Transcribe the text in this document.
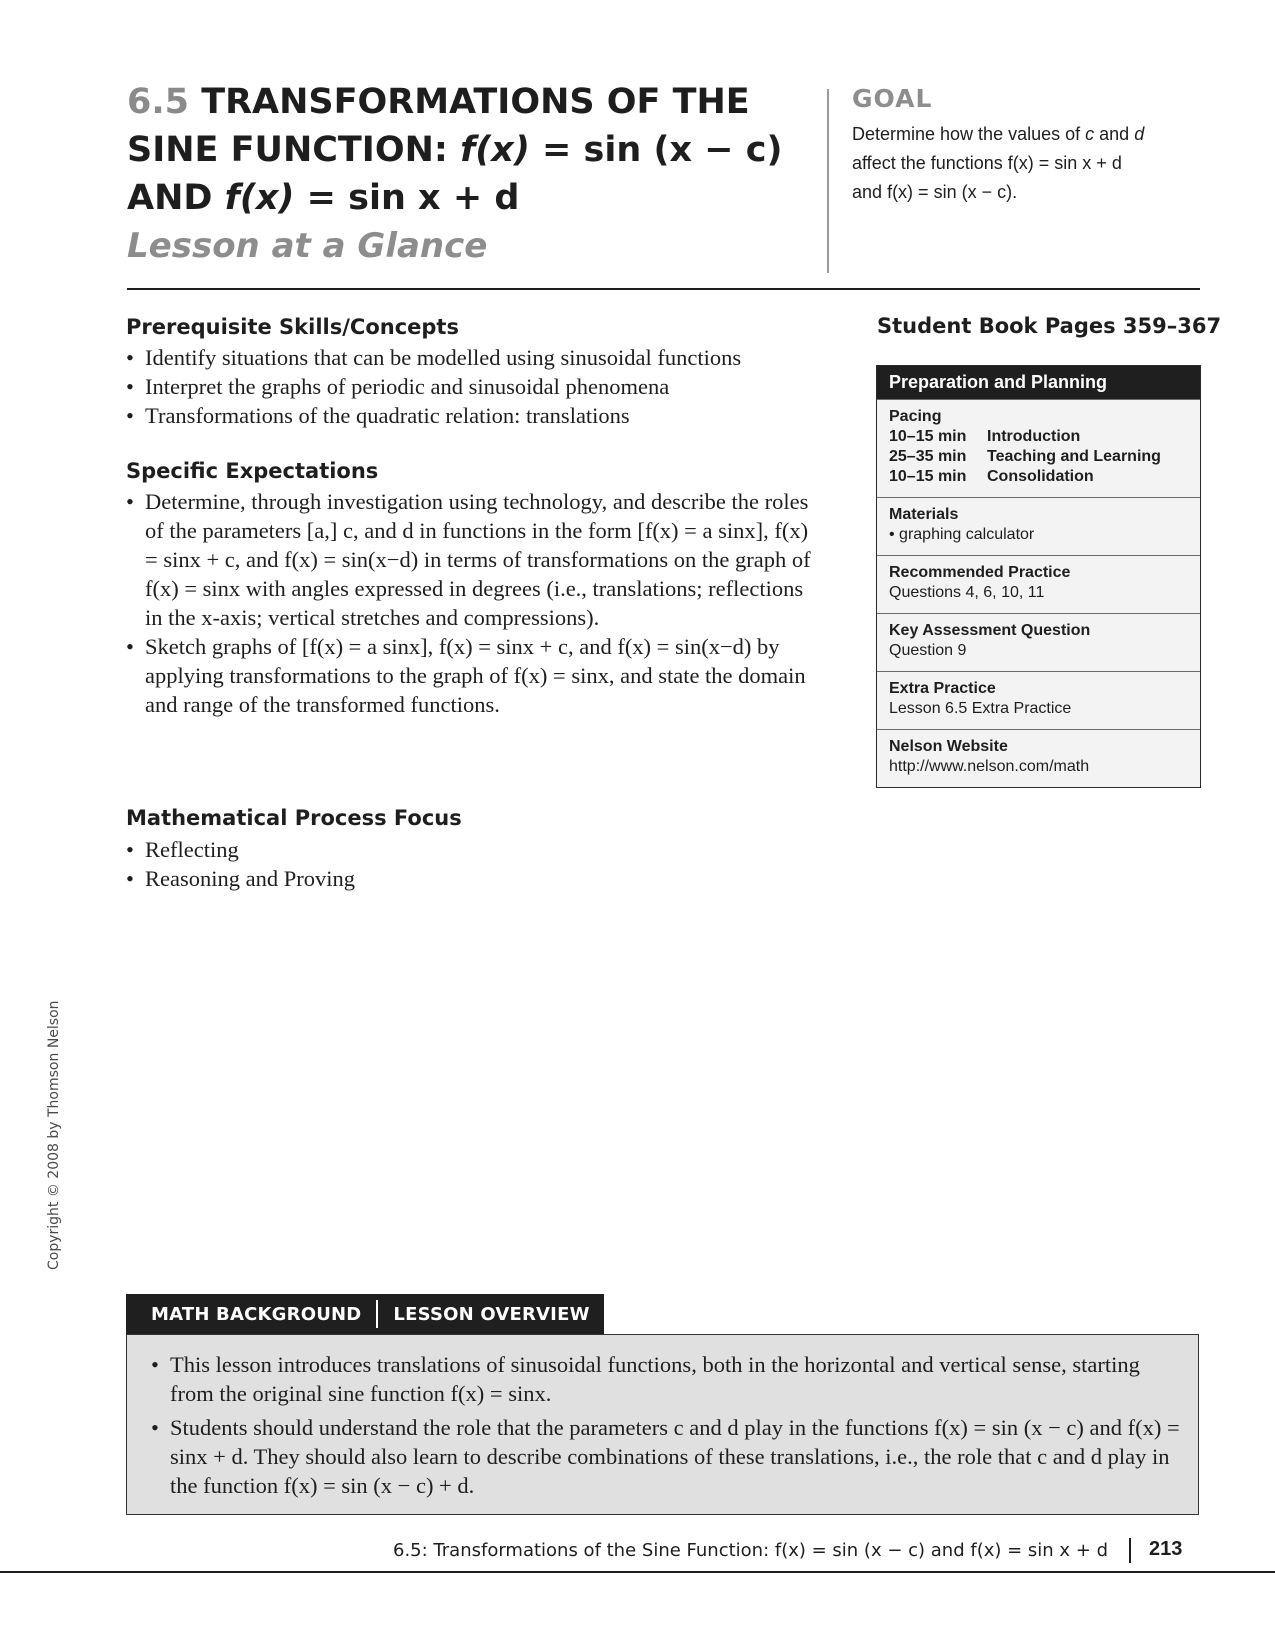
6.5 TRANSFORMATIONS OF THE
SINE FUNCTION: f(x) = sin (x − c)
AND f(x) = sin x + d
Lesson at a Glance
GOAL
Determine how the values of c and d
affect the functions f(x) = sin x + d
and f(x) = sin (x − c).
Prerequisite Skills/Concepts
• Identify situations that can be modelled using sinusoidal functions
• Interpret the graphs of periodic and sinusoidal phenomena
• Transformations of the quadratic relation: translations
Specific Expectations
• Determine, through investigation using technology, and describe the roles of the parameters [a,] c, and d in functions in the form [f(x) = a sinx], f(x) = sinx + c, and f(x) = sin(x−d) in terms of transformations on the graph of f(x) = sinx with angles expressed in degrees (i.e., translations; reflections in the x-axis; vertical stretches and compressions).
• Sketch graphs of [f(x) = a sinx], f(x) = sinx + c, and f(x) = sin(x−d) by applying transformations to the graph of f(x) = sinx, and state the domain and range of the transformed functions.
Mathematical Process Focus
• Reflecting
• Reasoning and Proving
Student Book Pages 359–367
Preparation and Planning
Pacing
10–15 min Introduction
25–35 min Teaching and Learning
10–15 min Consolidation
Materials
• graphing calculator
Recommended Practice
Questions 4, 6, 10, 11
Key Assessment Question
Question 9
Extra Practice
Lesson 6.5 Extra Practice
Nelson Website
http://www.nelson.com/math
Copyright © 2008 by Thomson Nelson
MATH BACKGROUND LESSON OVERVIEW
• This lesson introduces translations of sinusoidal functions, both in the horizontal and vertical sense, starting from the original sine function f(x) = sinx.
• Students should understand the role that the parameters c and d play in the functions f(x) = sin (x − c) and f(x) = sinx + d. They should also learn to describe combinations of these translations, i.e., the role that c and d play in the function f(x) = sin (x − c) + d.
6.5: Transformations of the Sine Function: f(x) = sin (x − c) and f(x) = sin x + d 213
